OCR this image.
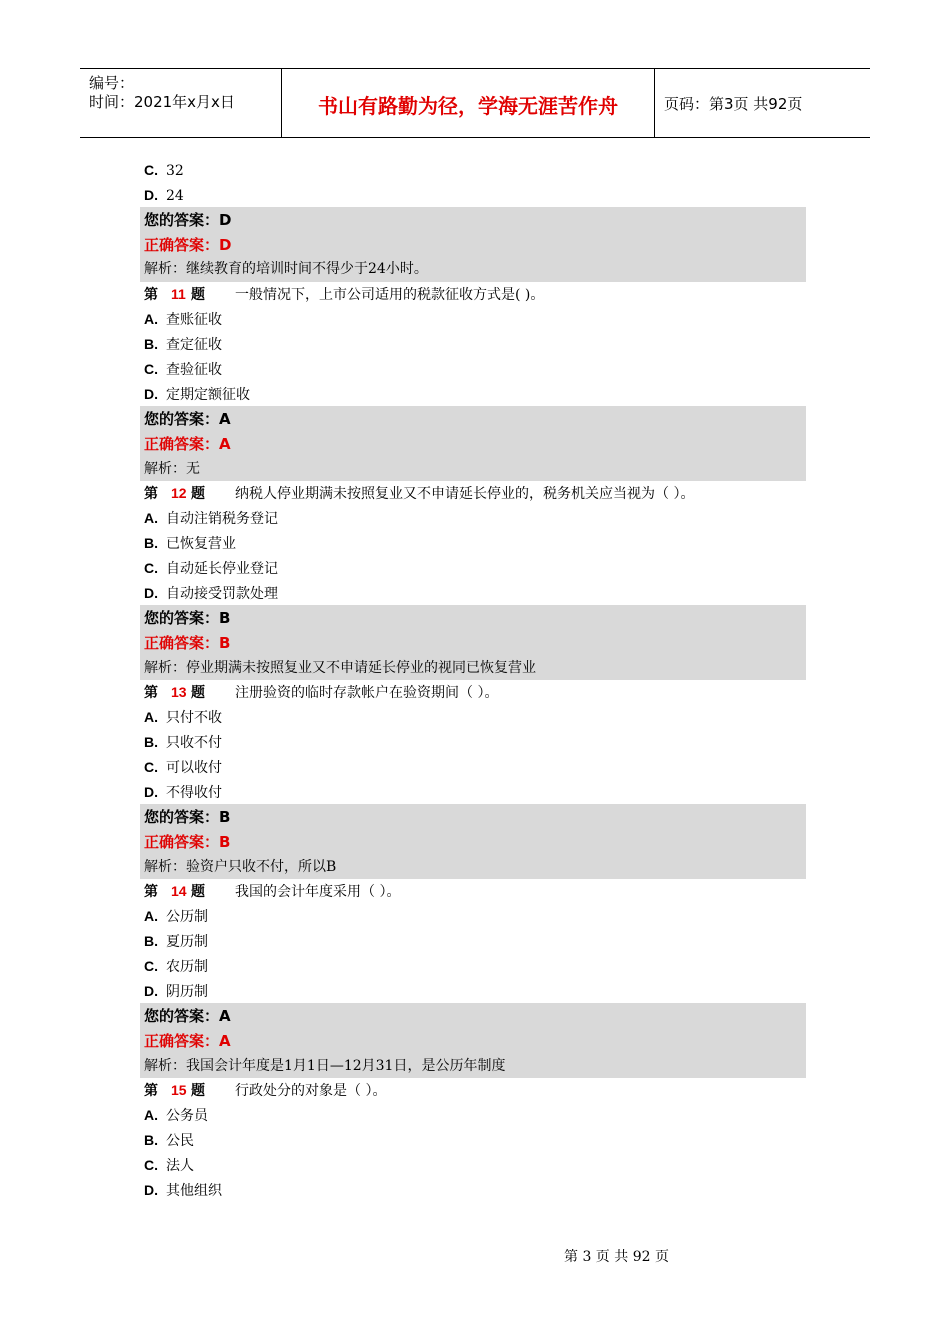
编号：
时间：2021年x月x日	书山有路勤为径，学海无涯苦作舟	页码：第3页 共92页
C. 32
D. 24
您的答案：D
正确答案：D
解析：继续教育的培训时间不得少于24小时。
第 11 题 一般情况下，上市公司适用的税款征收方式是( )。
A. 查账征收
B. 查定征收
C. 查验征收
D. 定期定额征收
您的答案：A
正确答案：A
解析：无
第 12 题 纳税人停业期满未按照复业又不申请延长停业的，税务机关应当视为（ ）。
A. 自动注销税务登记
B. 已恢复营业
C. 自动延长停业登记
D. 自动接受罚款处理
您的答案：B
正确答案：B
解析：停业期满未按照复业又不申请延长停业的视同已恢复营业
第 13 题 注册验资的临时存款帐户在验资期间（ ）。
A. 只付不收
B. 只收不付
C. 可以收付
D. 不得收付
您的答案：B
正确答案：B
解析：验资户只收不付，所以B
第 14 题 我国的会计年度采用（ ）。
A. 公历制
B. 夏历制
C. 农历制
D. 阴历制
您的答案：A
正确答案：A
解析：我国会计年度是1月1日—12月31日，是公历年制度
第 15 题 行政处分的对象是（ ）。
A. 公务员
B. 公民
C. 法人
D. 其他组织
第 3 页 共 92 页
